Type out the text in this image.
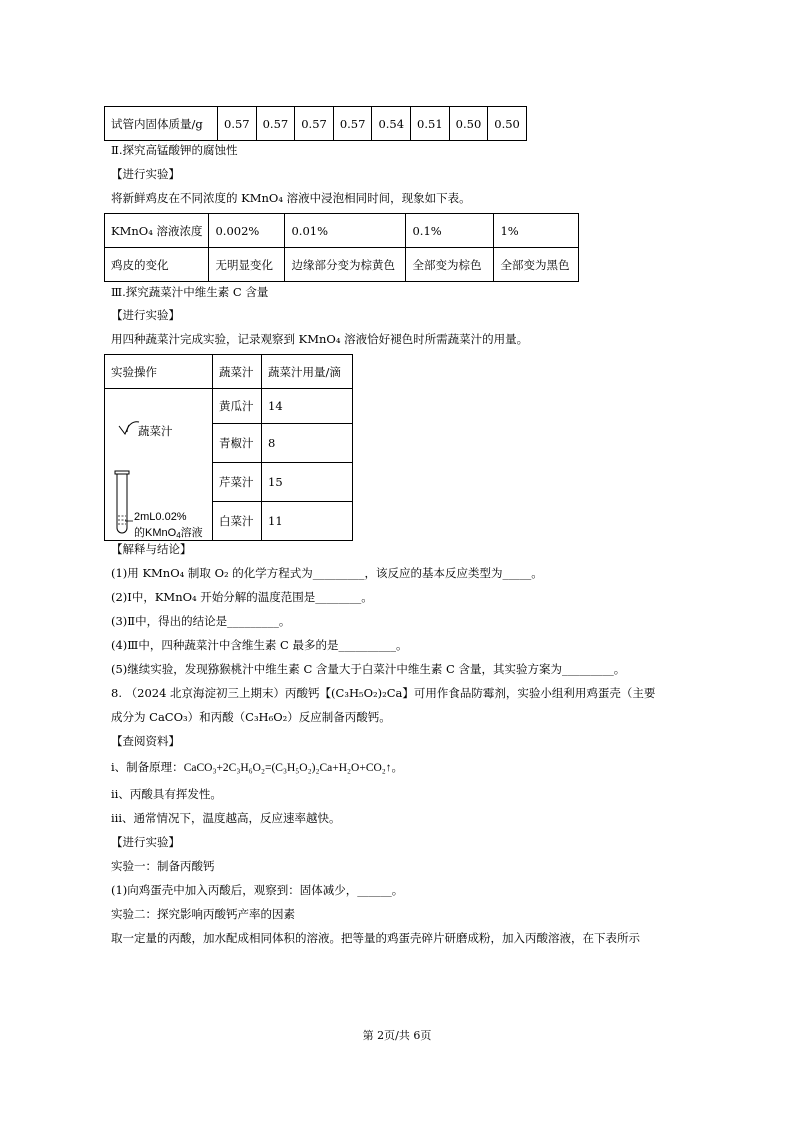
试管内固体质量/g	0.57	0.57	0.57	0.57	0.54	0.51	0.50	0.50
Ⅱ.探究高锰酸钾的腐蚀性
【进行实验】
将新鲜鸡皮在不同浓度的 KMnO₄ 溶液中浸泡相同时间，现象如下表。
KMnO₄ 溶液浓度	0.002%	0.01%	0.1%	1%
鸡皮的变化	无明显变化	边缘部分变为棕黄色	全部变为棕色	全部变为黑色
Ⅲ.探究蔬菜汁中维生素 C 含量
【进行实验】
用四种蔬菜汁完成实验，记录观察到 KMnO₄ 溶液恰好褪色时所需蔬菜汁的用量。
实验操作	蔬菜汁	蔬菜汁用量/滴

蔬菜汁
2mL0.02%
的KMnO$_4$溶液	黄瓜汁	14
	青椒汁	8
	芹菜汁	15
	白菜汁	11
【解释与结论】
(1)用 KMnO₄ 制取 O₂ 的化学方程式为_________，该反应的基本反应类型为_____。
(2)Ⅰ中，KMnO₄ 开始分解的温度范围是________。
(3)Ⅱ中，得出的结论是_________。
(4)Ⅲ中，四种蔬菜汁中含维生素 C 最多的是__________。
(5)继续实验，发现猕猴桃汁中维生素 C 含量大于白菜汁中维生素 C 含量，其实验方案为_________。
8. （2024 北京海淀初三上期末）丙酸钙【(C₃H₅O₂)₂Ca】可用作食品防霉剂，实验小组利用鸡蛋壳（主要
成分为 CaCO₃）和丙酸（C₃H₆O₂）反应制备丙酸钙。
【查阅资料】
ⅰ、制备原理：CaCO₃+2C₃H₆O₂=(C₃H₅O₂)₂Ca+H₂O+CO₂↑。
ⅱ、丙酸具有挥发性。
ⅲ、通常情况下，温度越高，反应速率越快。
【进行实验】
实验一：制备丙酸钙
(1)向鸡蛋壳中加入丙酸后，观察到：固体减少，______。
实验二：探究影响丙酸钙产率的因素
取一定量的丙酸，加水配成相同体积的溶液。把等量的鸡蛋壳碎片研磨成粉，加入丙酸溶液，在下表所示
第 2页/共 6页
